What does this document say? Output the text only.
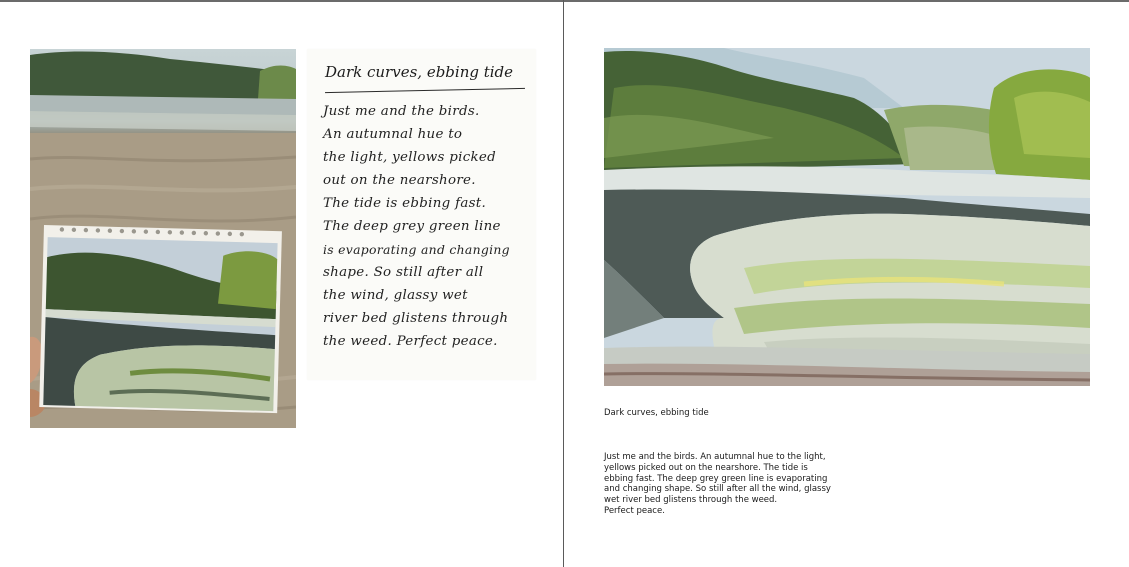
Dark curves, ebbing tide
Just me and the birds.
An autumnal hue to
the light, yellows picked
out on the nearshore.
The tide is ebbing fast.
The deep grey green line
is evaporating and changing
shape. So still after all
the wind, glassy wet
river bed glistens through
the weed. Perfect peace.
Dark curves, ebbing tide
Just me and the birds. An autumnal hue to the light,
yellows picked out on the nearshore. The tide is
ebbing fast. The deep grey green line is evaporating
and changing shape. So still after all the wind, glassy
wet river bed glistens through the weed.
Perfect peace.
